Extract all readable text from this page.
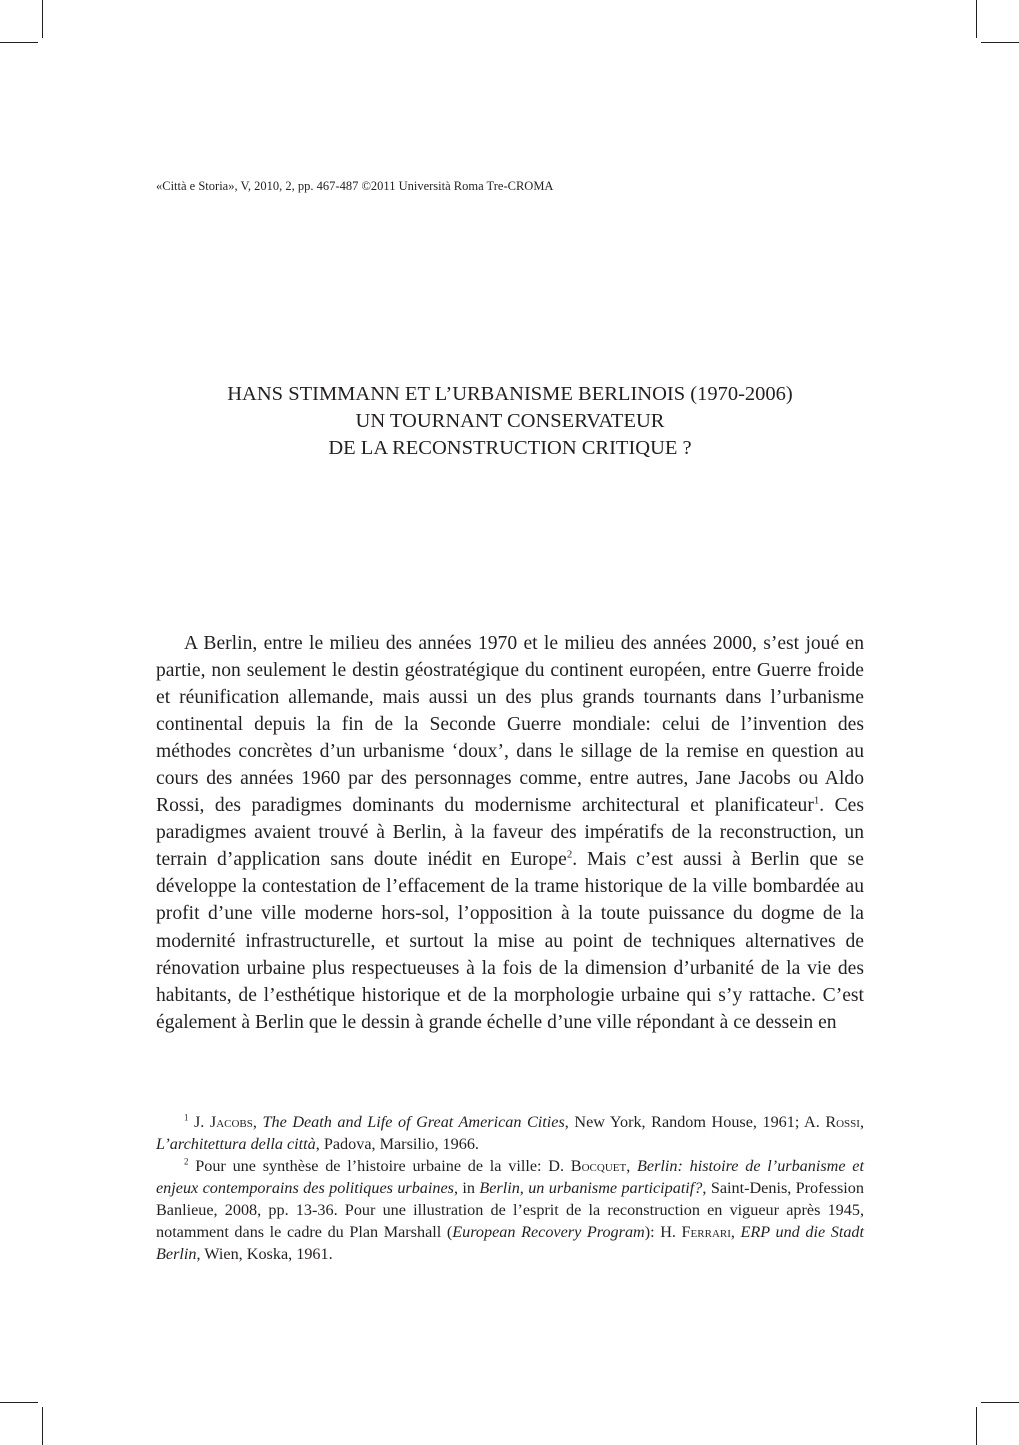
«Città e Storia», V, 2010, 2, pp. 467-487 ©2011 Università Roma Tre-CROMA
HANS STIMMANN ET L’URBANISME BERLINOIS (1970-2006)
UN TOURNANT CONSERVATEUR
DE LA RECONSTRUCTION CRITIQUE ?

A Berlin, entre le milieu des années 1970 et le milieu des années 2000, s’est joué en partie, non seulement le destin géostratégique du continent européen, entre Guerre froide et réunification allemande, mais aussi un des plus grands tournants dans l’urbanisme continental depuis la fin de la Seconde Guerre mondiale: celui de l’invention des méthodes concrètes d’un urbanisme ‘doux’, dans le sillage de la remise en question au cours des années 1960 par des personnages comme, entre autres, Jane Jacobs ou Aldo Rossi, des paradigmes dominants du modernisme architectural et planificateur$^1$. Ces paradigmes avaient trouvé à Berlin, à la faveur des impératifs de la reconstruction, un terrain d’application sans doute inédit en Europe$^2$. Mais c’est aussi à Berlin que se développe la contestation de l’effacement de la trame historique de la ville bombardée au profit d’une ville moderne hors-sol, l’opposition à la toute puissance du dogme de la modernité infrastructurelle, et surtout la mise au point de techniques alternatives de rénovation urbaine plus respectueuses à la fois de la dimension d’urbanité de la vie des habitants, de l’esthétique historique et de la morphologie urbaine qui s’y rattache. C’est également à Berlin que le dessin à grande échelle d’une ville répondant à ce dessein en

$^1$ J. Jacobs, The Death and Life of Great American Cities, New York, Random House, 1961; A. Rossi, L’architettura della città, Padova, Marsilio, 1966.

$^2$ Pour une synthèse de l’histoire urbaine de la ville: D. Bocquet, Berlin: histoire de l’urbanisme et enjeux contemporains des politiques urbaines, in Berlin, un urbanisme participatif?, Saint-Denis, Profession Banlieue, 2008, pp. 13-36. Pour une illustration de l’esprit de la reconstruction en vigueur après 1945, notamment dans le cadre du Plan Marshall (European Recovery Program): H. Ferrari, ERP und die Stadt Berlin, Wien, Koska, 1961.
